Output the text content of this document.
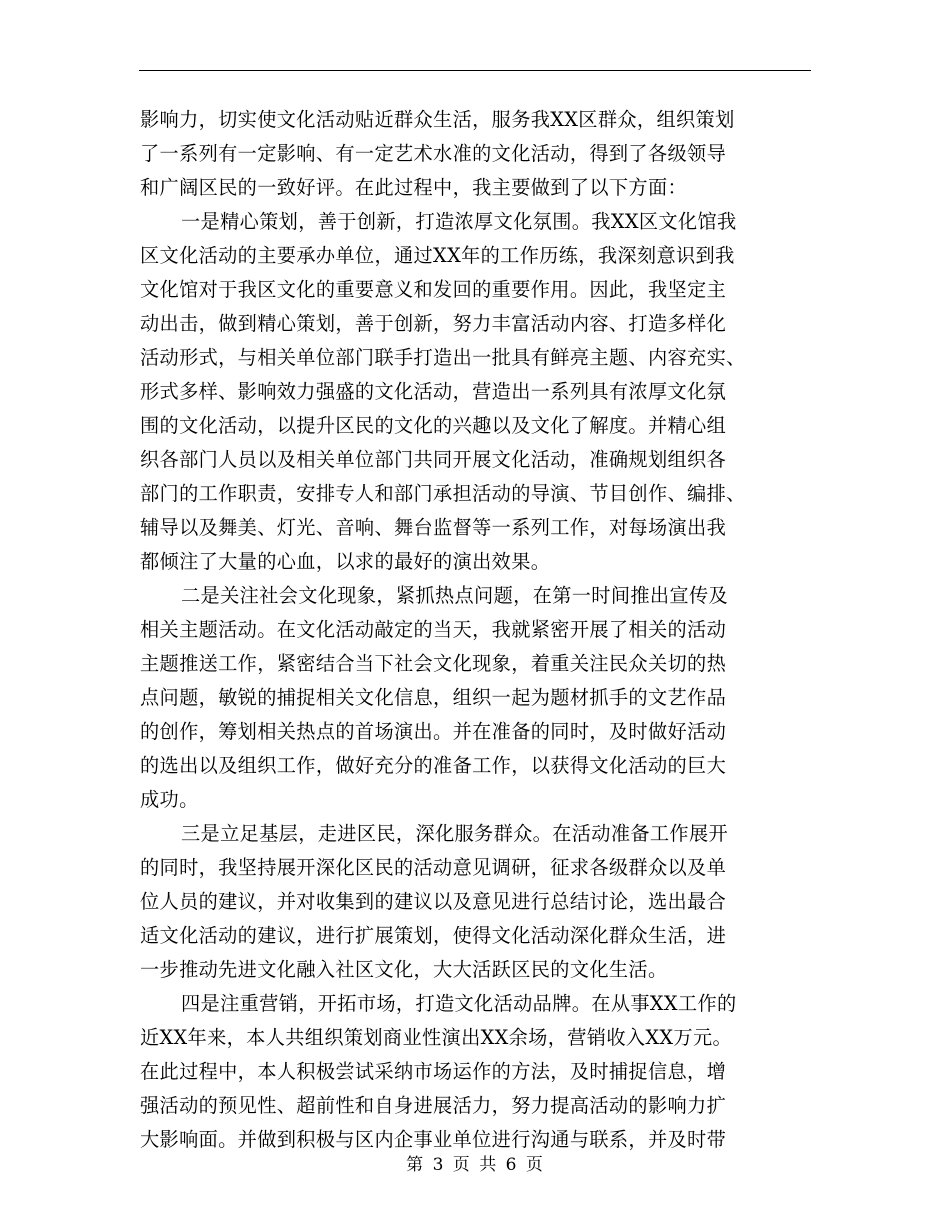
影响力，切实使文化活动贴近群众生活，服务我XX区群众，组织策划
了一系列有一定影响、有一定艺术水准的文化活动，得到了各级领导
和广阔区民的一致好评。在此过程中，我主要做到了以下方面：
一是精心策划，善于创新，打造浓厚文化氛围。我XX区文化馆我
区文化活动的主要承办单位，通过XX年的工作历练，我深刻意识到我
文化馆对于我区文化的重要意义和发回的重要作用。因此，我坚定主
动出击，做到精心策划，善于创新，努力丰富活动内容、打造多样化
活动形式，与相关单位部门联手打造出一批具有鲜亮主题、内容充实、
形式多样、影响效力强盛的文化活动，营造出一系列具有浓厚文化氛
围的文化活动，以提升区民的文化的兴趣以及文化了解度。并精心组
织各部门人员以及相关单位部门共同开展文化活动，准确规划组织各
部门的工作职责，安排专人和部门承担活动的导演、节目创作、编排、
辅导以及舞美、灯光、音响、舞台监督等一系列工作，对每场演出我
都倾注了大量的心血，以求的最好的演出效果。
二是关注社会文化现象，紧抓热点问题，在第一时间推出宣传及
相关主题活动。在文化活动敲定的当天，我就紧密开展了相关的活动
主题推送工作，紧密结合当下社会文化现象，着重关注民众关切的热
点问题，敏锐的捕捉相关文化信息，组织一起为题材抓手的文艺作品
的创作，筹划相关热点的首场演出。并在准备的同时，及时做好活动
的选出以及组织工作，做好充分的准备工作，以获得文化活动的巨大
成功。
三是立足基层，走进区民，深化服务群众。在活动准备工作展开
的同时，我坚持展开深化区民的活动意见调研，征求各级群众以及单
位人员的建议，并对收集到的建议以及意见进行总结讨论，选出最合
适文化活动的建议，进行扩展策划，使得文化活动深化群众生活，进
一步推动先进文化融入社区文化，大大活跃区民的文化生活。
四是注重营销，开拓市场，打造文化活动品牌。在从事XX工作的
近XX年来，本人共组织策划商业性演出XX余场，营销收入XX万元。
在此过程中，本人积极尝试采纳市场运作的方法，及时捕捉信息，增
强活动的预见性、超前性和自身进展活力，努力提高活动的影响力扩
大影响面。并做到积极与区内企事业单位进行沟通与联系，并及时带
第 3 页 共 6 页
